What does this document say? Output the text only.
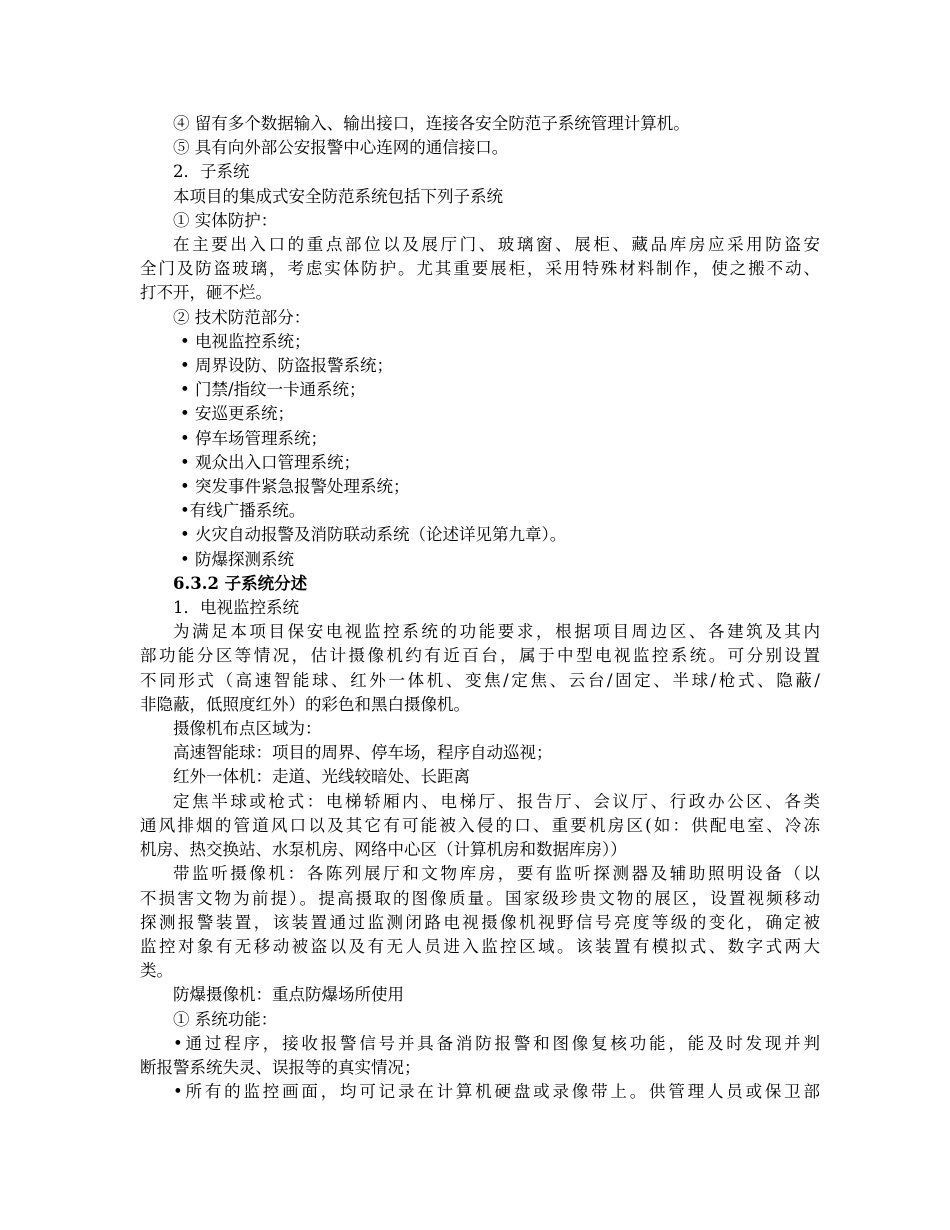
④ 留有多个数据输入、输出接口，连接各安全防范子系统管理计算机。

⑤ 具有向外部公安报警中心连网的通信接口。

2．子系统

本项目的集成式安全防范系统包括下列子系统

① 实体防护：

在主要出入口的重点部位以及展厅门、玻璃窗、展柜、藏品库房应采用防盗安

全门及防盗玻璃，考虑实体防护。尤其重要展柜，采用特殊材料制作，使之搬不动、

打不开，砸不烂。

② 技术防范部分：

• 电视监控系统；

• 周界设防、防盗报警系统；

• 门禁/指纹一卡通系统；

• 安巡更系统；

• 停车场管理系统；

• 观众出入口管理系统；

• 突发事件紧急报警处理系统；

•有线广播系统。

• 火灾自动报警及消防联动系统（论述详见第九章）。

• 防爆探测系统

6.3.2 子系统分述

1．电视监控系统

为满足本项目保安电视监控系统的功能要求，根据项目周边区、各建筑及其内

部功能分区等情况，估计摄像机约有近百台，属于中型电视监控系统。可分别设置

不同形式（高速智能球、红外一体机、变焦/定焦、云台/固定、半球/枪式、隐蔽/

非隐蔽，低照度红外）的彩色和黑白摄像机。

摄像机布点区域为：

高速智能球：项目的周界、停车场，程序自动巡视；

红外一体机：走道、光线较暗处、长距离

定焦半球或枪式：电梯轿厢内、电梯厅、报告厅、会议厅、行政办公区、各类

通风排烟的管道风口以及其它有可能被入侵的口、重要机房区(如：供配电室、冷冻

机房、热交换站、水泵机房、网络中心区（计算机房和数据库房））

带监听摄像机：各陈列展厅和文物库房，要有监听探测器及辅助照明设备（以

不损害文物为前提）。提高摄取的图像质量。国家级珍贵文物的展区，设置视频移动

探测报警装置，该装置通过监测闭路电视摄像机视野信号亮度等级的变化，确定被

监控对象有无移动被盗以及有无人员进入监控区域。该装置有模拟式、数字式两大

类。

防爆摄像机：重点防爆场所使用

① 系统功能：

•通过程序，接收报警信号并具备消防报警和图像复核功能，能及时发现并判

断报警系统失灵、误报等的真实情况；

•所有的监控画面，均可记录在计算机硬盘或录像带上。供管理人员或保卫部
